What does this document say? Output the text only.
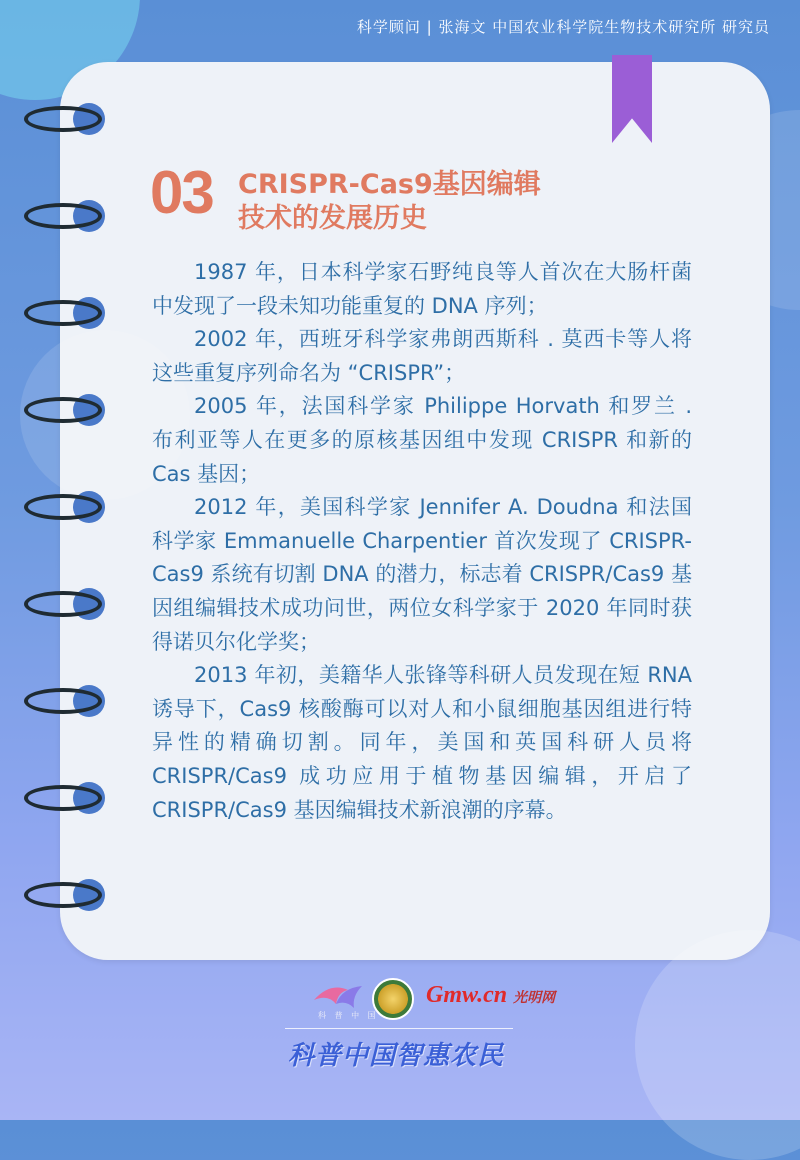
科学顾问 | 张海文 中国农业科学院生物技术研究所 研究员
03 CRISPR-Cas9基因编辑
技术的发展历史

1987 年，日本科学家石野纯良等人首次在大肠杆菌中发现了一段未知功能重复的 DNA 序列；

2002 年，西班牙科学家弗朗西斯科 . 莫西卡等人将这些重复序列命名为 “CRISPR”；

2005 年，法国科学家 Philippe Horvath 和罗兰 . 布利亚等人在更多的原核基因组中发现 CRISPR 和新的 Cas 基因；

2012 年，美国科学家 Jennifer A. Doudna 和法国科学家 Emmanuelle Charpentier 首次发现了 CRISPR-Cas9 系统有切割 DNA 的潜力，标志着 CRISPR/Cas9 基因组编辑技术成功问世，两位女科学家于 2020 年同时获得诺贝尔化学奖；

2013 年初，美籍华人张锋等科研人员发现在短 RNA 诱导下，Cas9 核酸酶可以对人和小鼠细胞基因组进行特异性的精确切割。同年，美国和英国科研人员将 CRISPR/Cas9 成功应用于植物基因编辑，开启了 CRISPR/Cas9 基因编辑技术新浪潮的序幕。

科 普 中 国
Gmw.cn 光明网
科普中国智惠农民
